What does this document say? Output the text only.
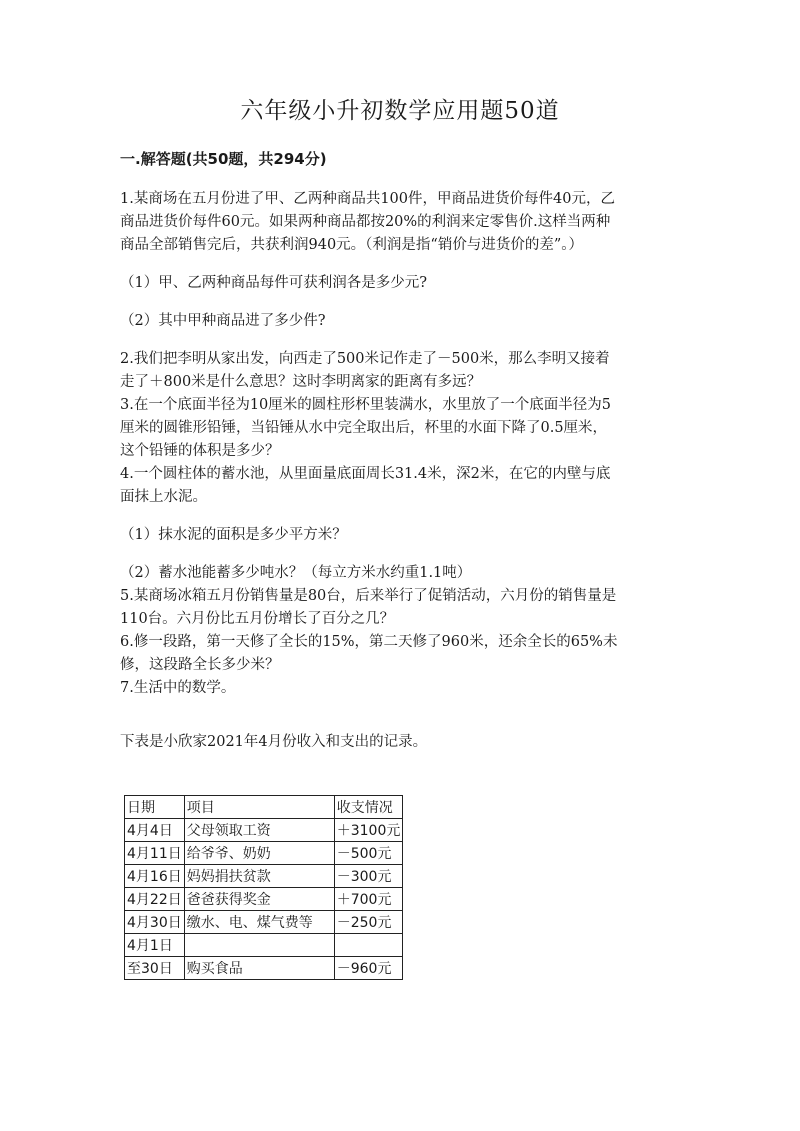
六年级小升初数学应用题50道
一.解答题(共50题，共294分)
1.某商场在五月份进了甲、乙两种商品共100件，甲商品进货价每件40元，乙
商品进货价每件60元。如果两种商品都按20%的利润来定零售价.这样当两种
商品全部销售完后，共获利润940元。（利润是指“销价与进货价的差”。）
（1）甲、乙两种商品每件可获利润各是多少元?
（2）其中甲种商品进了多少件?
2.我们把李明从家出发，向西走了500米记作走了－500米，那么李明又接着
走了＋800米是什么意思？这时李明离家的距离有多远？
3.在一个底面半径为10厘米的圆柱形杯里装满水，水里放了一个底面半径为5
厘米的圆锥形铅锤，当铅锤从水中完全取出后，杯里的水面下降了0.5厘米，
这个铅锤的体积是多少？
4.一个圆柱体的蓄水池，从里面量底面周长31.4米，深2米，在它的内壁与底
面抹上水泥。
（1）抹水泥的面积是多少平方米？
（2）蓄水池能蓄多少吨水？（每立方米水约重1.1吨）
5.某商场冰箱五月份销售量是80台，后来举行了促销活动，六月份的销售量是
110台。六月份比五月份增长了百分之几？
6.修一段路，第一天修了全长的15%，第二天修了960米，还余全长的65%未
修，这段路全长多少米？
7.生活中的数学。
下表是小欣家2021年4月份收入和支出的记录。
日期	项目	收支情况
4月4日	父母领取工资	＋3100元
4月11日	给爷爷、奶奶	－500元
4月16日	妈妈捐扶贫款	－300元
4月22日	爸爸获得奖金	＋700元
4月30日	缴水、电、煤气费等	－250元
4月1日		
至30日	购买食品	－960元
